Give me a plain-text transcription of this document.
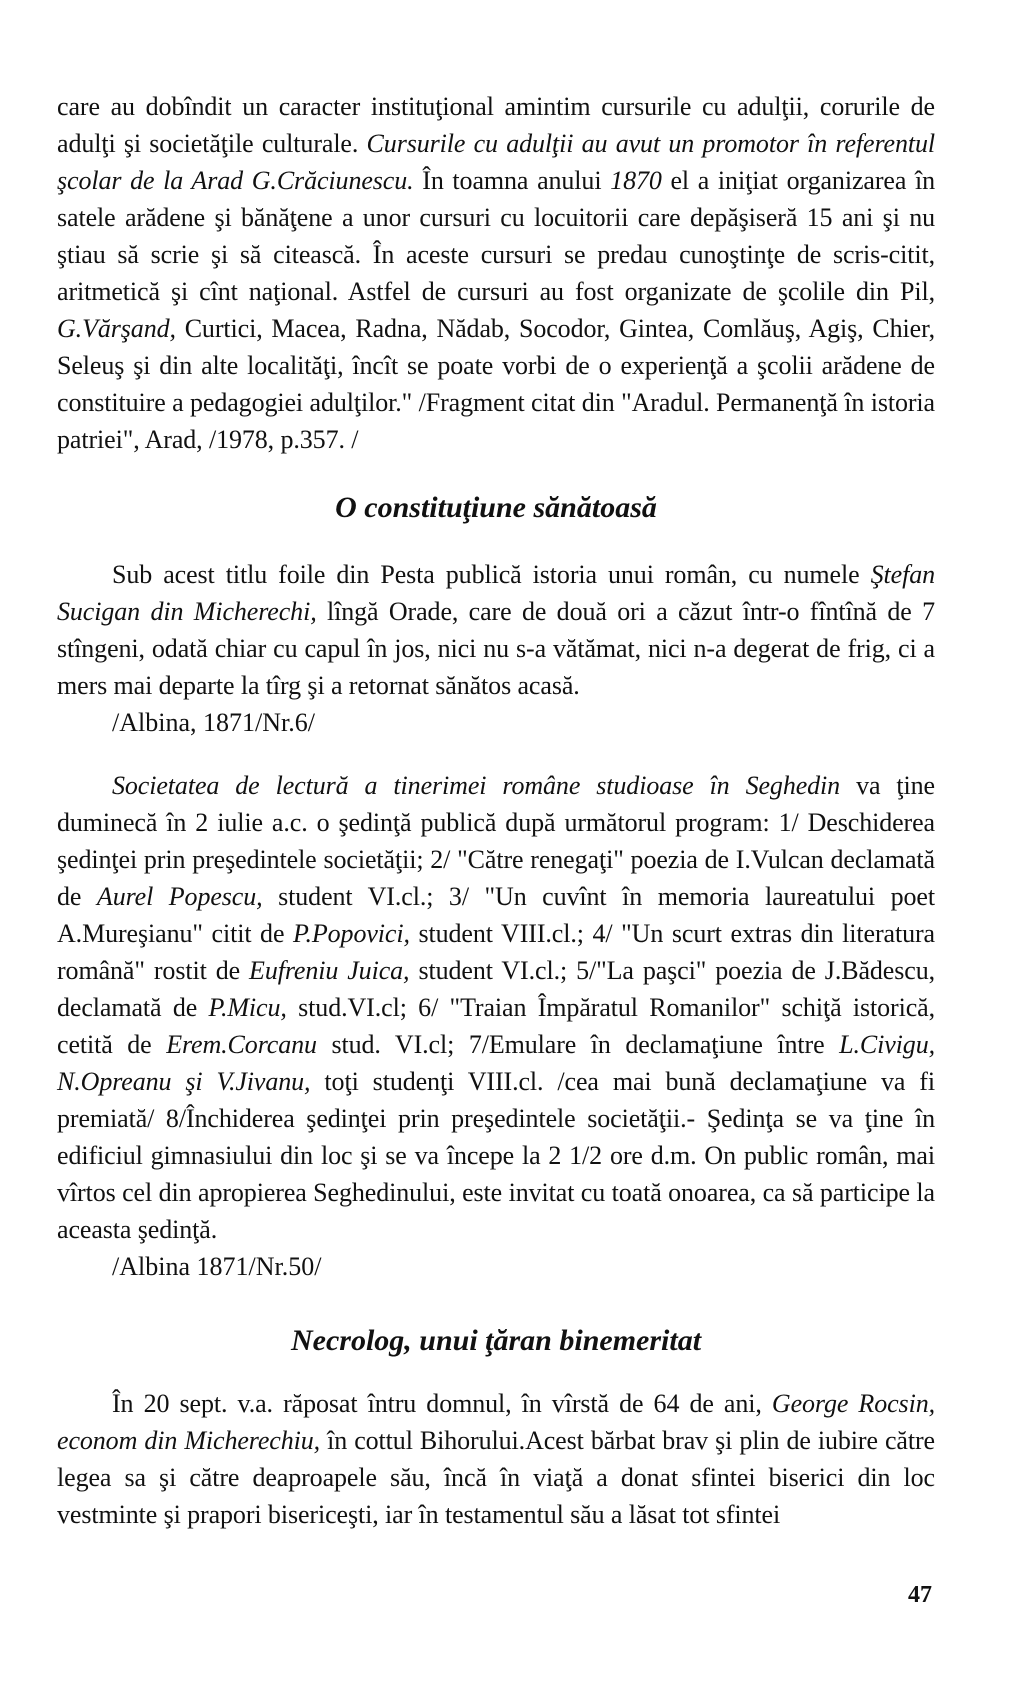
care au dobîndit un caracter instituţional amintim cursurile cu adulţii, corurile de adulţi şi societăţile culturale. Cursurile cu adulţii au avut un promotor în referentul şcolar de la Arad G.Crăciunescu. În toamna anului 1870 el a iniţiat organizarea în satele arădene şi bănăţene a unor cursuri cu locuitorii care depăşiseră 15 ani şi nu ştiau să scrie şi să citească. În aceste cursuri se predau cunoştinţe de scris-citit, aritmetică şi cînt naţional. Astfel de cursuri au fost organizate de şcolile din Pil, G.Vărşand, Curtici, Macea, Radna, Nădab, Socodor, Gintea, Comlăuş, Agiş, Chier, Seleuş şi din alte localităţi, încît se poate vorbi de o experienţă a şcolii arădene de constituire a pedagogiei adulţilor." /Fragment citat din "Aradul. Permanenţă în istoria patriei", Arad, /1978, p.357. /

O constituţiune sănătoasă

Sub acest titlu foile din Pesta publică istoria unui român, cu numele Ştefan Sucigan din Micherechi, lîngă Orade, care de două ori a căzut într-o fîntînă de 7 stîngeni, odată chiar cu capul în jos, nici nu s-a vătămat, nici n-a degerat de frig, ci a mers mai departe la tîrg şi a retornat sănătos acasă.

/Albina, 1871/Nr.6/

Societatea de lectură a tinerimei române studioase în Seghedin va ţine duminecă în 2 iulie a.c. o şedinţă publică după următorul program: 1/ Deschiderea şedinţei prin preşedintele societăţii; 2/ "Către renegaţi" poezia de I.Vulcan declamată de Aurel Popescu, student VI.cl.; 3/ "Un cuvînt în memoria laureatului poet A.Mureşianu" citit de P.Popovici, student VIII.cl.; 4/ "Un scurt extras din literatura română" rostit de Eufreniu Juica, student VI.cl.; 5/"La paşci" poezia de J.Bădescu, declamată de P.Micu, stud.VI.cl; 6/ "Traian Împăratul Romanilor" schiţă istorică, cetită de Erem.Corcanu stud. VI.cl; 7/Emulare în declamaţiune între L.Civigu, N.Opreanu şi V.Jivanu, toţi studenţi VIII.cl. /cea mai bună declamaţiune va fi premiată/ 8/Închiderea şedinţei prin preşedintele societăţii.- Şedinţa se va ţine în edificiul gimnasiului din loc şi se va începe la 2 1/2 ore d.m. On public român, mai vîrtos cel din apropierea Seghedinului, este invitat cu toată onoarea, ca să participe la aceasta şedinţă.

/Albina 1871/Nr.50/

Necrolog, unui ţăran binemeritat

În 20 sept. v.a. răposat întru domnul, în vîrstă de 64 de ani, George Rocsin, econom din Micherechiu, în cottul Bihorului.Acest bărbat brav şi plin de iubire către legea sa şi către deaproapele său, încă în viaţă a donat sfintei biserici din loc vestminte şi prapori bisericeşti, iar în testamentul său a lăsat tot sfintei

47
